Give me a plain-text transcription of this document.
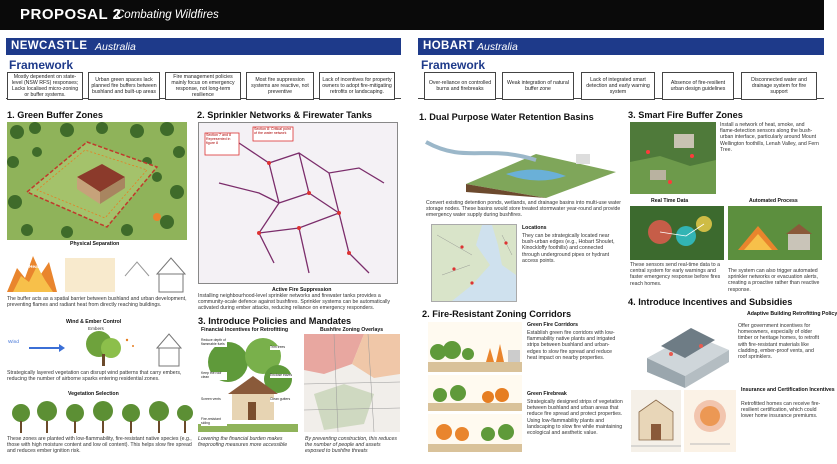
PROPOSAL 2
Combating Wildfires
NEWCASTLE Australia
Framework
Mostly dependent on state-level (NSW RFS) responses; Lacks localised micro-zoning or buffer systems.
Urban green spaces lack planned fire buffers between bushland and built-up areas
Fire management policies mainly focus on emergency response, not long-term resilience
Most fire suppression systems are reactive, not preventive
Lack of incentives for property owners to adopt fire-mitigating retrofits or landscaping.
1. Green Buffer Zones
Radiant Heat
Physical Separation
The buffer acts as a spatial barrier between bushland and urban development, preventing flames and radiant heat from directly reaching buildings.
Wind & Ember Control
Wind
Embers
Strategically layered vegetation can disrupt wind patterns that carry embers, reducing the number of airborne sparks entering residential zones.
Vegetation Selection
These zones are planted with low-flammability, fire-resistant native species (e.g., those with high moisture content and low oil content). This helps slow fire spread and reduces ember ignition risk.
2. Sprinkler Networks & Firewater Tanks
Section 7 and 8 Represented in figure 8
Section 8: Critical point of the water network
Active Fire Suppression
Installing neighbourhood-level sprinkler networks and firewater tanks provides a community-scale defence against bushfires. Sprinkler systems can be automatically activated during ember attacks, reducing reliance on emergency responders.
3. Introduce Policies and Mandates
Financial Incentives for Retrofitting
Reduce depth of flammable fuels
Trim trees
Keep the roof clean	Enclose eaves
Screen vents	Clean gutters
Fire-resistant siding
Lowering the financial burden makes fireproofing measures more accessible
Bushfire Zoning Overlays
By preventing construction, this reduces the number of people and assets exposed to bushfire threats
HOBART Australia
Framework
Over-reliance on controlled burns and firebreaks
Weak integration of natural buffer zone
Lack of integrated smart detection and early warning system
Absence of fire-resilient urban design guidelines
Disconnected water and drainage system for fire support
1. Dual Purpose Water Retention Basins
Convert existing detention ponds, wetlands, and drainage basins into multi-use water storage nodes. These basins would store treated stormwater year-round and provide emergency water supply during bushfires.
Locations
They can be strategically located near bush-urban edges (e.g., Hobart Shoulet, Kinockloffy foothills) and connected through underground pipes or hydrant access points.
2. Fire-Resistant Zoning Corridors
Green Fire Corridors
Establish green fire corridors with low-flammability native plants and irrigated strips between bushland and urban-edges to slow fire spread and reduce heat impact on nearby properties.
Green Firebreak
Strategically designed strips of vegetation between bushland and urban areas that reduce fire spread and protect properties. Using low-flammability plants and landscaping to slow fire while maintaining ecological and aesthetic value.
3. Smart Fire Buffer Zones
Install a network of heat, smoke, and flame-detection sensors along the bush-urban interface, particularly around Mount Wellington foothills, Lenah Valley, and Fern Tree.
Real Time Data	Automated Process
These sensors send real-time data to a central system for early warnings and faster emergency response before fires reach homes.
The system can also trigger automated sprinkler networks or evacuation alerts, creating a proactive rather than reactive response.
4. Introduce Incentives and Subsidies
Adaptive Building Retrofitting Policy
Offer government incentives for homeowners, especially of older timber or heritage homes, to retrofit with fire-resistant materials like cladding, ember-proof vents, and roof sprinklers.
Insurance and Certification Incentives
Retrofitted homes can receive fire-resilient certification, which could lower home insurance premiums.
